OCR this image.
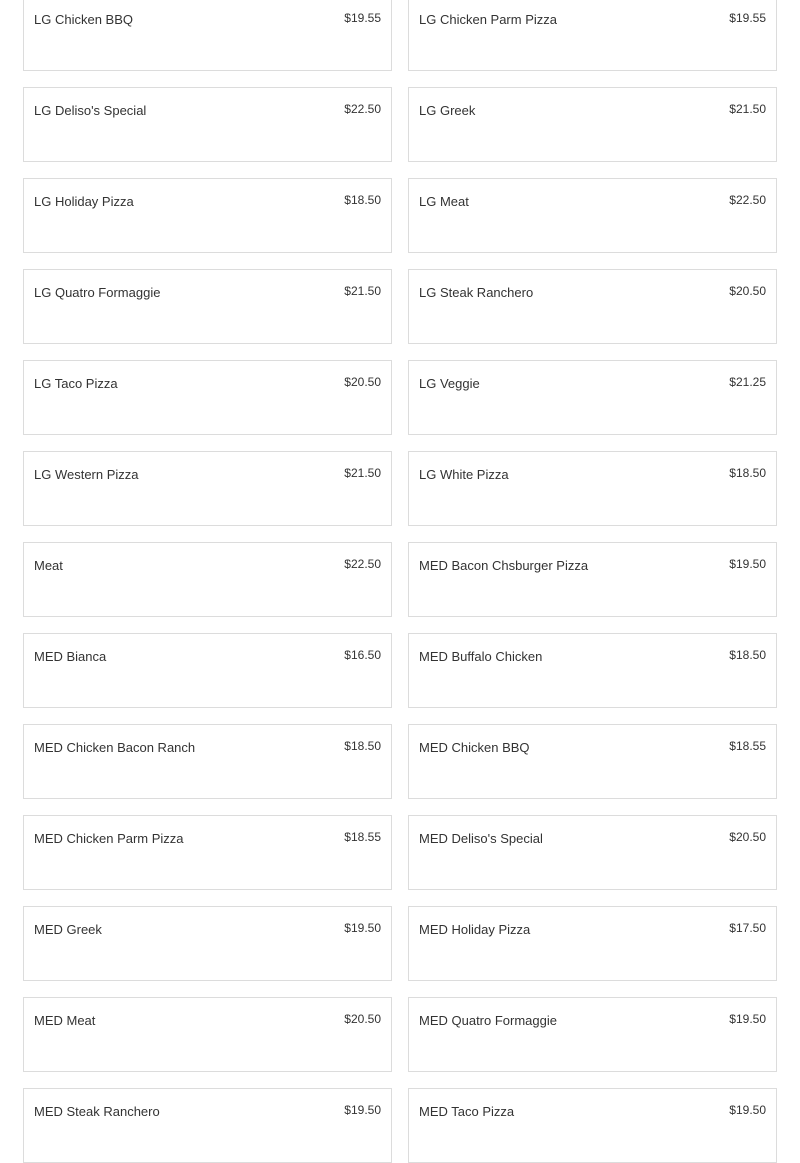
LG Chicken BBQ	$19.55	LG Chicken Parm Pizza	$19.55
LG Deliso's Special	$22.50	LG Greek	$21.50
LG Holiday Pizza	$18.50	LG Meat	$22.50
LG Quatro Formaggie	$21.50	LG Steak Ranchero	$20.50
LG Taco Pizza	$20.50	LG Veggie	$21.25
LG Western Pizza	$21.50	LG White Pizza	$18.50
Meat	$22.50	MED Bacon Chsburger Pizza	$19.50
MED Bianca	$16.50	MED Buffalo Chicken	$18.50
MED Chicken Bacon Ranch	$18.50	MED Chicken BBQ	$18.55
MED Chicken Parm Pizza	$18.55	MED Deliso's Special	$20.50
MED Greek	$19.50	MED Holiday Pizza	$17.50
MED Meat	$20.50	MED Quatro Formaggie	$19.50
MED Steak Ranchero	$19.50	MED Taco Pizza	$19.50
